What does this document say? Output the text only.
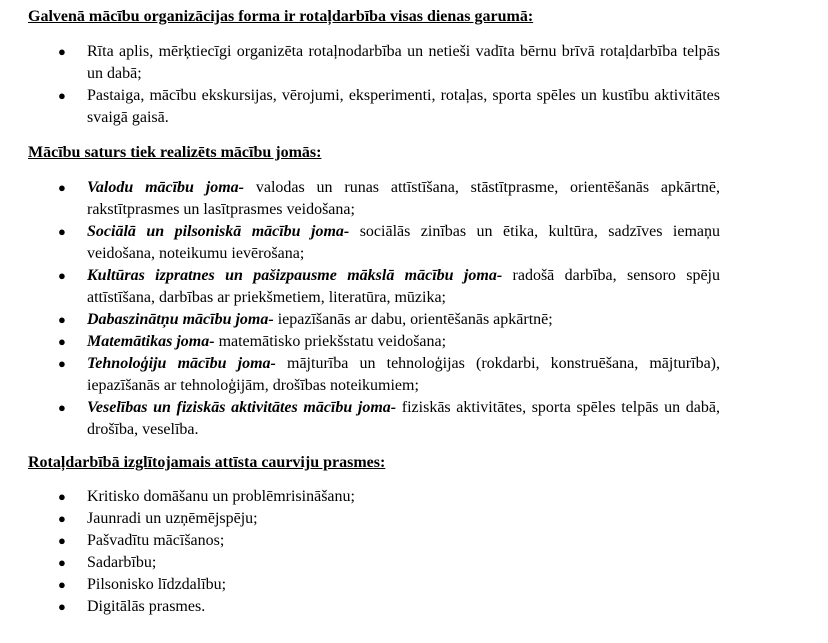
Galvenā mācību organizācijas forma ir rotaļdarbība visas dienas garumā:
● Rīta aplis, mērķtiecīgi organizēta rotaļnodarbība un netieši vadīta bērnu brīvā rotaļdarbība telpās un dabā;
● Pastaiga, mācību ekskursijas, vērojumi, eksperimenti, rotaļas, sporta spēles un kustību aktivitātes svaigā gaisā.
Mācību saturs tiek realizēts mācību jomās:
● Valodu mācību joma- valodas un runas attīstīšana, stāstītprasme, orientēšanās apkārtnē, rakstītprasmes un lasītprasmes veidošana;
● Sociālā un pilsoniskā mācību joma- sociālās zinības un ētika, kultūra, sadzīves iemaņu veidošana, noteikumu ievērošana;
● Kultūras izpratnes un pašizpausme mākslā mācību joma- radošā darbība, sensoro spēju attīstīšana, darbības ar priekšmetiem, literatūra, mūzika;
● Dabaszinātņu mācību joma- iepazīšanās ar dabu, orientēšanās apkārtnē;
● Matemātikas joma- matemātisko priekšstatu veidošana;
● Tehnoloģiju mācību joma- mājturība un tehnoloģijas (rokdarbi, konstruēšana, mājturība), iepazīšanās ar tehnoloģijām, drošības noteikumiem;
● Veselības un fiziskās aktivitātes mācību joma- fiziskās aktivitātes, sporta spēles telpās un dabā, drošība, veselība.
Rotaļdarbībā izglītojamais attīsta caurviju prasmes:
● Kritisko domāšanu un problēmrisināšanu;
● Jaunradi un uzņēmējspēju;
● Pašvadītu mācīšanos;
● Sadarbību;
● Pilsonisko līdzdalību;
● Digitālās prasmes.
